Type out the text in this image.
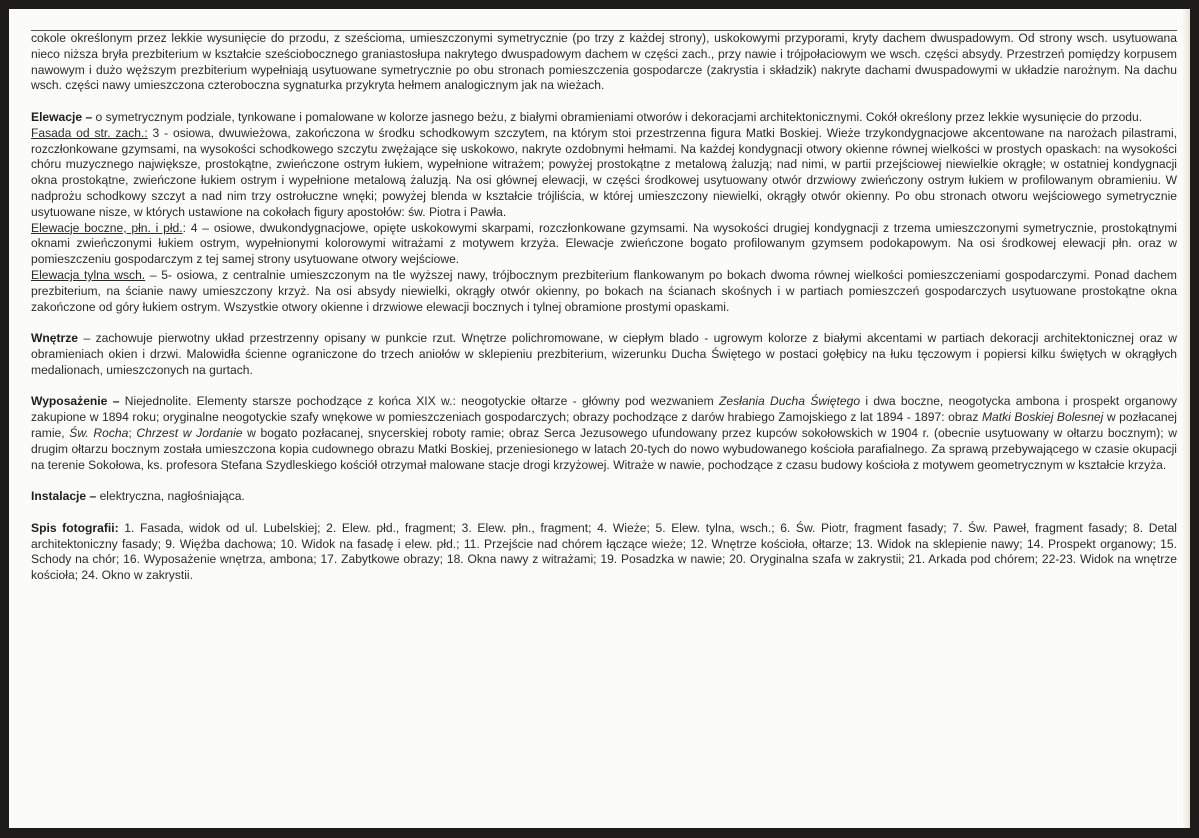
cokole określonym przez lekkie wysunięcie do przodu, z sześcioma, umieszczonymi symetrycznie (po trzy z każdej strony), uskokowymi przyporami, kryty dachem dwuspadowym. Od strony wsch. usytuowana nieco niższa bryła prezbiterium w kształcie sześciobocznego graniastosłupa nakrytego dwuspadowym dachem w części zach., przy nawie i trójpołaciowym we wsch. części absydy. Przestrzeń pomiędzy korpusem nawowym i dużo węższym prezbiterium wypełniają usytuowane symetrycznie po obu stronach pomieszczenia gospodarcze (zakrystia i składzik) nakryte dachami dwuspadowymi w układzie narożnym. Na dachu wsch. części nawy umieszczona czteroboczna sygnaturka przykryta hełmem analogicznym jak na wieżach.

Elewacje – o symetrycznym podziale, tynkowane i pomalowane w kolorze jasnego beżu, z białymi obramieniami otworów i dekoracjami architektonicznymi. Cokół określony przez lekkie wysunięcie do przodu.

Fasada od str. zach.: 3 - osiowa, dwuwieżowa, zakończona w środku schodkowym szczytem, na którym stoi przestrzenna figura Matki Boskiej. Wieże trzykondygnacjowe akcentowane na narożach pilastrami, rozczłonkowane gzymsami, na wysokości schodkowego szczytu zwężające się uskokowo, nakryte ozdobnymi hełmami. Na każdej kondygnacji otwory okienne równej wielkości w prostych opaskach: na wysokości chóru muzycznego największe, prostokątne, zwieńczone ostrym łukiem, wypełnione witrażem; powyżej prostokątne z metalową żaluzją; nad nimi, w partii przejściowej niewielkie okrągłe; w ostatniej kondygnacji okna prostokątne, zwieńczone łukiem ostrym i wypełnione metalową żaluzją. Na osi głównej elewacji, w części środkowej usytuowany otwór drzwiowy zwieńczony ostrym łukiem w profilowanym obramieniu. W nadprożu schodkowy szczyt a nad nim trzy ostrołuczne wnęki; powyżej blenda w kształcie trójliścia, w której umieszczony niewielki, okrągły otwór okienny. Po obu stronach otworu wejściowego symetrycznie usytuowane nisze, w których ustawione na cokołach figury apostołów: św. Piotra i Pawła.

Elewacje boczne, płn. i płd.: 4 – osiowe, dwukondygnacjowe, opięte uskokowymi skarpami, rozczłonkowane gzymsami. Na wysokości drugiej kondygnacji z trzema umieszczonymi symetrycznie, prostokątnymi oknami zwieńczonymi łukiem ostrym, wypełnionymi kolorowymi witrażami z motywem krzyża. Elewacje zwieńczone bogato profilowanym gzymsem podokapowym. Na osi środkowej elewacji płn. oraz w pomieszczeniu gospodarczym z tej samej strony usytuowane otwory wejściowe.

Elewacja tylna wsch. – 5- osiowa, z centralnie umieszczonym na tle wyższej nawy, trójbocznym prezbiterium flankowanym po bokach dwoma równej wielkości pomieszczeniami gospodarczymi. Ponad dachem prezbiterium, na ścianie nawy umieszczony krzyż. Na osi absydy niewielki, okrągły otwór okienny, po bokach na ścianach skośnych i w partiach pomieszczeń gospodarczych usytuowane prostokątne okna zakończone od góry łukiem ostrym. Wszystkie otwory okienne i drzwiowe elewacji bocznych i tylnej obramione prostymi opaskami.

Wnętrze – zachowuje pierwotny układ przestrzenny opisany w punkcie rzut. Wnętrze polichromowane, w ciepłym blado - ugrowym kolorze z białymi akcentami w partiach dekoracji architektonicznej oraz w obramieniach okien i drzwi. Malowidła ścienne ograniczone do trzech aniołów w sklepieniu prezbiterium, wizerunku Ducha Świętego w postaci gołębicy na łuku tęczowym i popiersi kilku świętych w okrągłych medalionach, umieszczonych na gurtach.

Wyposażenie – Niejednolite. Elementy starsze pochodzące z końca XIX w.: neogotyckie ołtarze - główny pod wezwaniem Zesłania Ducha Świętego i dwa boczne, neogotycka ambona i prospekt organowy zakupione w 1894 roku; oryginalne neogotyckie szafy wnękowe w pomieszczeniach gospodarczych; obrazy pochodzące z darów hrabiego Zamojskiego z lat 1894 - 1897: obraz Matki Boskiej Bolesnej w pozłacanej ramie, Św. Rocha; Chrzest w Jordanie w bogato pozłacanej, snycerskiej roboty ramie; obraz Serca Jezusowego ufundowany przez kupców sokołowskich w 1904 r. (obecnie usytuowany w ołtarzu bocznym); w drugim ołtarzu bocznym została umieszczona kopia cudownego obrazu Matki Boskiej, przeniesionego w latach 20-tych do nowo wybudowanego kościoła parafialnego. Za sprawą przebywającego w czasie okupacji na terenie Sokołowa, ks. profesora Stefana Szydleskiego kościół otrzymał malowane stacje drogi krzyżowej. Witraże w nawie, pochodzące z czasu budowy kościoła z motywem geometrycznym w kształcie krzyża.

Instalacje – elektryczna, nagłośniająca.

Spis fotografii: 1. Fasada, widok od ul. Lubelskiej; 2. Elew. płd., fragment; 3. Elew. płn., fragment; 4. Wieże; 5. Elew. tylna, wsch.; 6. Św. Piotr, fragment fasady; 7. Św. Paweł, fragment fasady; 8. Detal architektoniczny fasady; 9. Więźba dachowa; 10. Widok na fasadę i elew. płd.; 11. Przejście nad chórem łączące wieże; 12. Wnętrze kościoła, ołtarze; 13. Widok na sklepienie nawy; 14. Prospekt organowy; 15. Schody na chór; 16. Wyposażenie wnętrza, ambona; 17. Zabytkowe obrazy; 18. Okna nawy z witrażami; 19. Posadzka w nawie; 20. Oryginalna szafa w zakrystii; 21. Arkada pod chórem; 22-23. Widok na wnętrze kościoła; 24. Okno w zakrystii.
